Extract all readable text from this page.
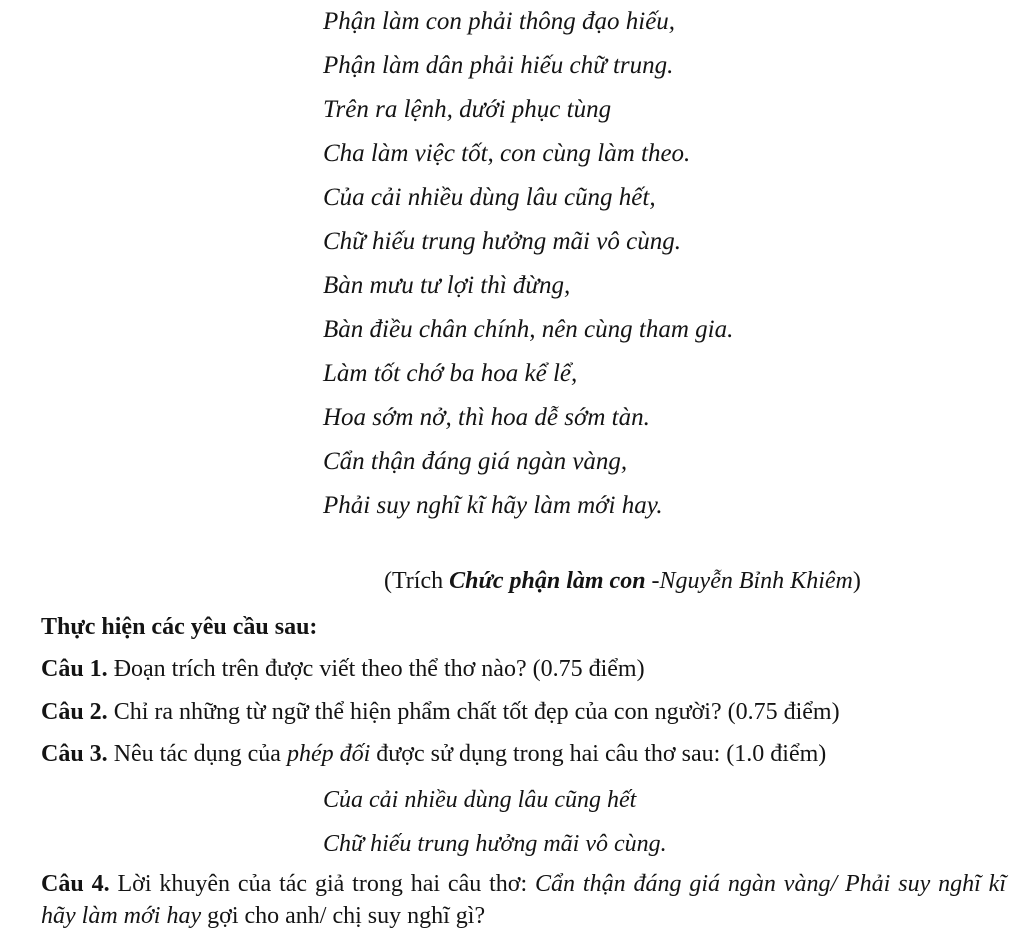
Phận làm con phải thông đạo hiếu,
Phận làm dân phải hiếu chữ trung.
Trên ra lệnh, dưới phục tùng
Cha làm việc tốt, con cùng làm theo.
Của cải nhiều dùng lâu cũng hết,
Chữ hiếu trung hưởng mãi vô cùng.
Bàn mưu tư lợi thì đừng,
Bàn điều chân chính, nên cùng tham gia.
Làm tốt chớ ba hoa kể lể,
Hoa sớm nở, thì hoa dễ sớm tàn.
Cẩn thận đáng giá ngàn vàng,
Phải suy nghĩ kĩ hãy làm mới hay.
(Trích Chức phận làm con -Nguyễn Bỉnh Khiêm)
Thực hiện các yêu cầu sau:
Câu 1. Đoạn trích trên được viết theo thể thơ nào? (0.75 điểm)
Câu 2. Chỉ ra những từ ngữ thể hiện phẩm chất tốt đẹp của con người? (0.75 điểm)
Câu 3. Nêu tác dụng của phép đối được sử dụng trong hai câu thơ sau: (1.0 điểm)
Của cải nhiều dùng lâu cũng hết
Chữ hiếu trung hưởng mãi vô cùng.
Câu 4. Lời khuyên của tác giả trong hai câu thơ: Cẩn thận đáng giá ngàn vàng/ Phải suy nghĩ kĩ hãy làm mới hay gợi cho anh/ chị suy nghĩ gì?
